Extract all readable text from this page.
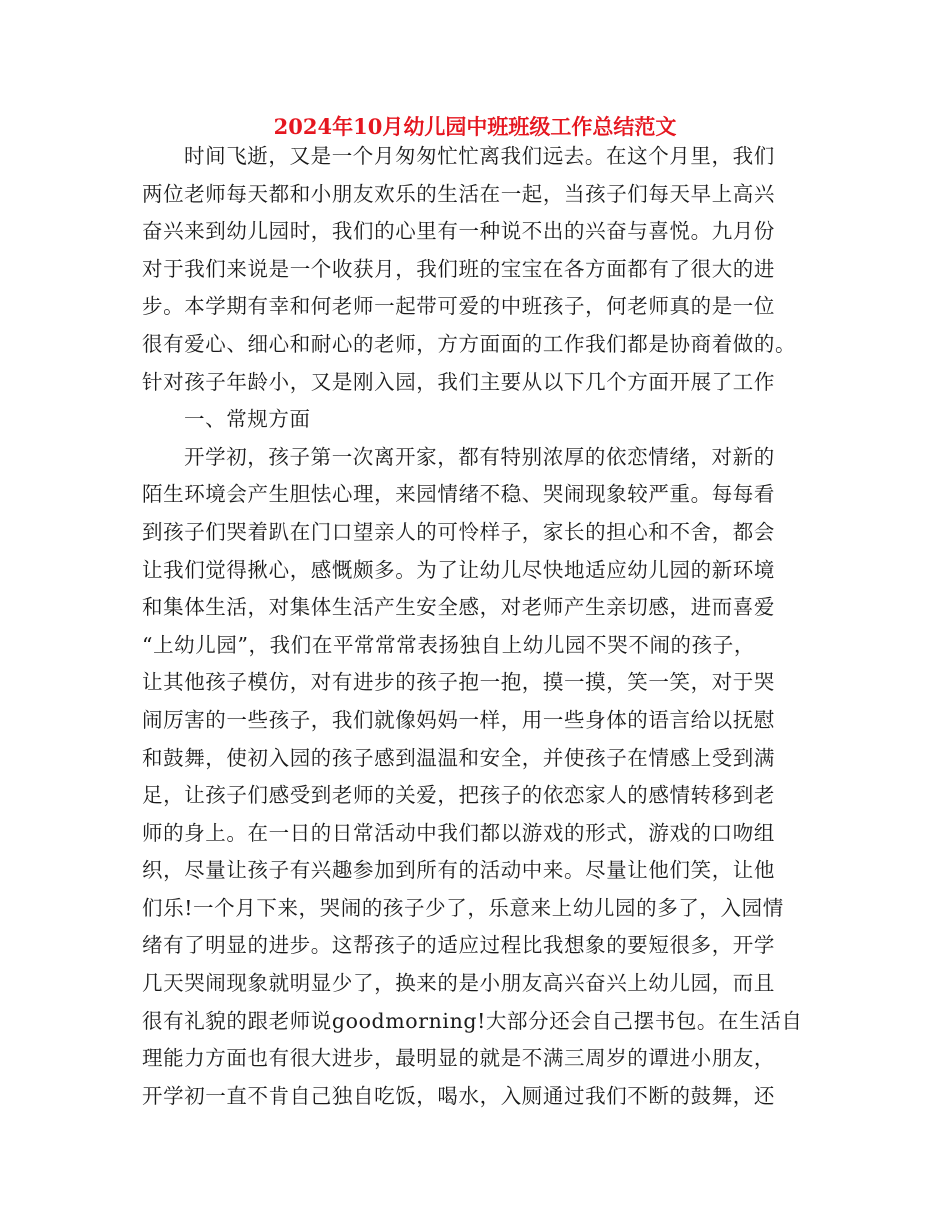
2024年10月幼儿园中班班级工作总结范文
时间飞逝，又是一个月匆匆忙忙离我们远去。在这个月里，我们
两位老师每天都和小朋友欢乐的生活在一起，当孩子们每天早上高兴
奋兴来到幼儿园时，我们的心里有一种说不出的兴奋与喜悦。九月份
对于我们来说是一个收获月，我们班的宝宝在各方面都有了很大的进
步。本学期有幸和何老师一起带可爱的中班孩子，何老师真的是一位
很有爱心、细心和耐心的老师，方方面面的工作我们都是协商着做的。
针对孩子年龄小，又是刚入园，我们主要从以下几个方面开展了工作
一、常规方面
开学初，孩子第一次离开家，都有特别浓厚的依恋情绪，对新的
陌生环境会产生胆怯心理，来园情绪不稳、哭闹现象较严重。每每看
到孩子们哭着趴在门口望亲人的可怜样子，家长的担心和不舍，都会
让我们觉得揪心，感慨颇多。为了让幼儿尽快地适应幼儿园的新环境
和集体生活，对集体生活产生安全感，对老师产生亲切感，进而喜爱
“上幼儿园”，我们在平常常常表扬独自上幼儿园不哭不闹的孩子，
让其他孩子模仿，对有进步的孩子抱一抱，摸一摸，笑一笑，对于哭
闹厉害的一些孩子，我们就像妈妈一样，用一些身体的语言给以抚慰
和鼓舞，使初入园的孩子感到温温和安全，并使孩子在情感上受到满
足，让孩子们感受到老师的关爱，把孩子的依恋家人的感情转移到老
师的身上。在一日的日常活动中我们都以游戏的形式，游戏的口吻组
织，尽量让孩子有兴趣参加到所有的活动中来。尽量让他们笑，让他
们乐!一个月下来，哭闹的孩子少了，乐意来上幼儿园的多了，入园情
绪有了明显的进步。这帮孩子的适应过程比我想象的要短很多，开学
几天哭闹现象就明显少了，换来的是小朋友高兴奋兴上幼儿园，而且
很有礼貌的跟老师说goodmorning!大部分还会自己摆书包。在生活自
理能力方面也有很大进步，最明显的就是不满三周岁的谭进小朋友，
开学初一直不肯自己独自吃饭，喝水，入厕通过我们不断的鼓舞，还
